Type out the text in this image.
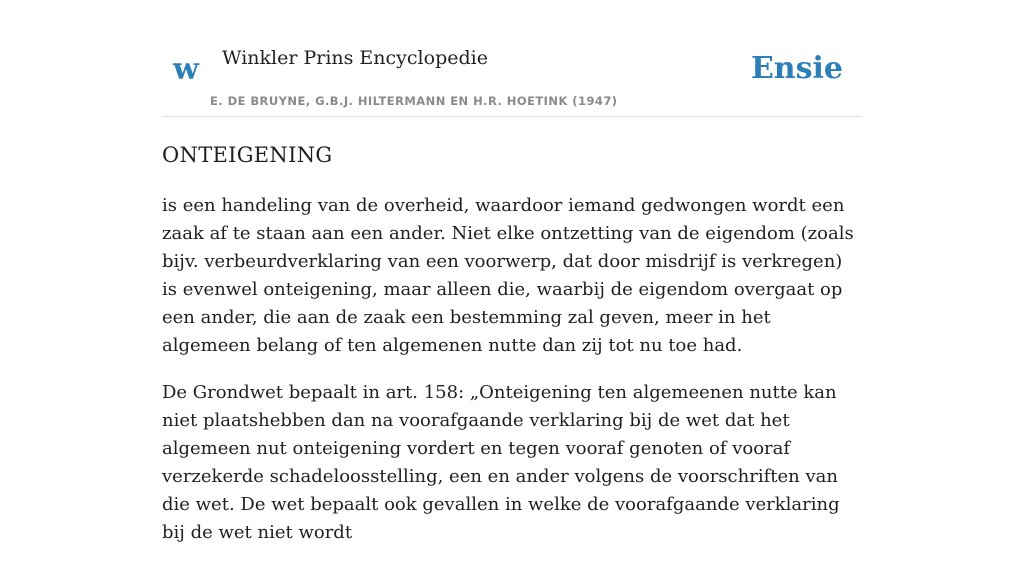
w Winkler Prins Encyclopedie
E. DE BRUYNE, G.B.J. HILTERMANN EN H.R. HOETINK (1947)
Ensie
ONTEIGENING

is een handeling van de overheid, waardoor iemand gedwongen wordt een zaak af te staan aan een ander. Niet elke ontzetting van de eigendom (zoals bijv. verbeurdverklaring van een voorwerp, dat door misdrijf is verkregen) is evenwel onteigening, maar alleen die, waarbij de eigendom overgaat op een ander, die aan de zaak een bestemming zal geven, meer in het algemeen belang of ten algemenen nutte dan zij tot nu toe had.

De Grondwet bepaalt in art. 158: „Onteigening ten algemeenen nutte kan niet plaatshebben dan na voorafgaande verklaring bij de wet dat het algemeen nut onteigening vordert en tegen vooraf genoten of vooraf verzekerde schadeloosstelling, een en ander volgens de voorschriften van die wet. De wet bepaalt ook gevallen in welke de voorafgaande verklaring bij de wet niet wordt
